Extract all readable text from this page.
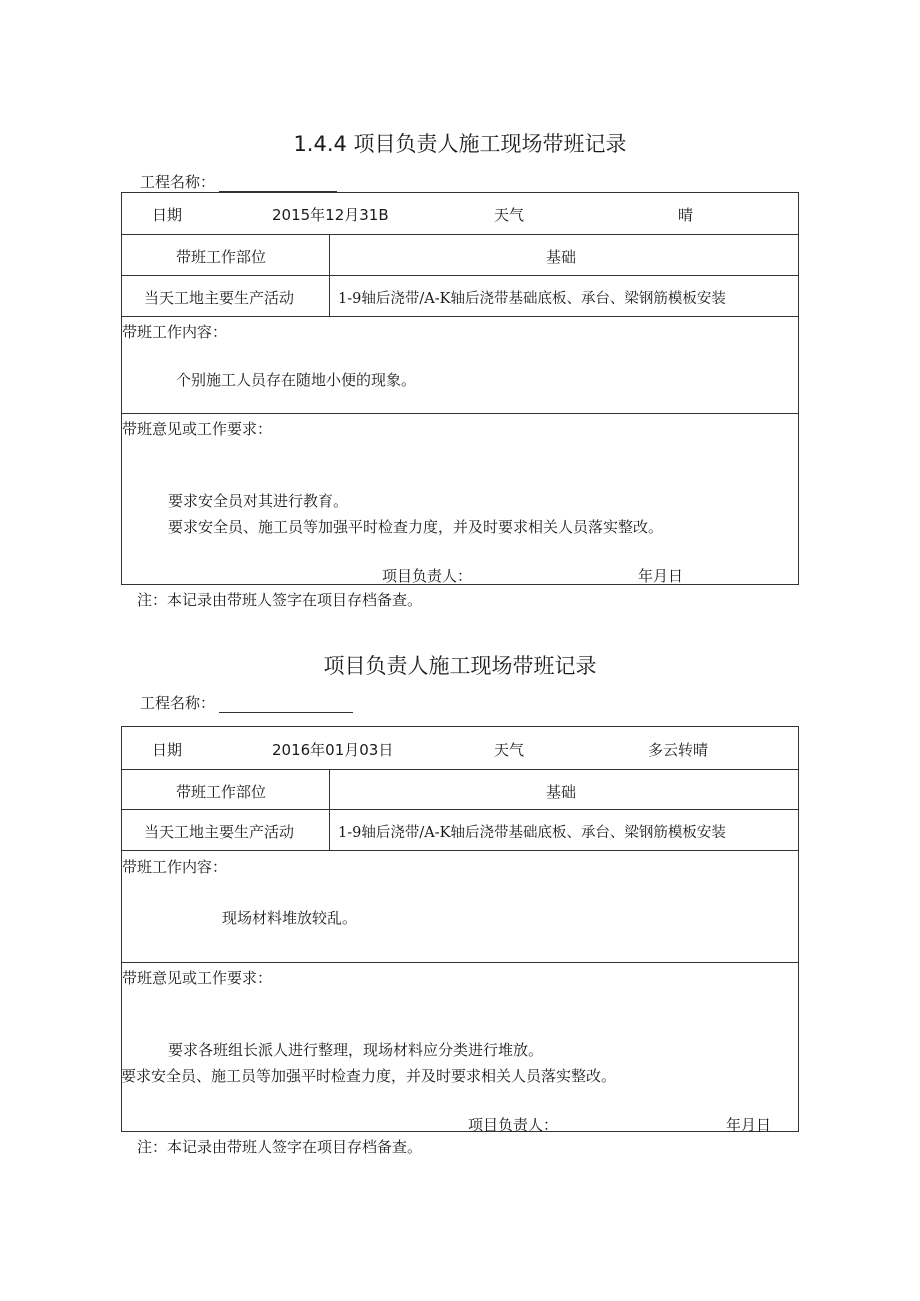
1.4.4 项目负责人施工现场带班记录
工程名称：
日期	2015年12月31B	天气	晴
带班工作部位	基础
当天工地主要生产活动	1-9轴后浇带/A-K轴后浇带基础底板、承台、梁钢筋模板安装
带班工作内容：
个别施工人员存在随地小便的现象。
带班意见或工作要求：
要求安全员对其进行教育。
要求安全员、施工员等加强平时检查力度，并及时要求相关人员落实整改。
项目负责人：	年月日
注：本记录由带班人签字在项目存档备查。
项目负责人施工现场带班记录
工程名称：
日期	2016年01月03日	天气	多云转晴
带班工作部位	基础
当天工地主要生产活动	1-9轴后浇带/A-K轴后浇带基础底板、承台、梁钢筋模板安装
带班工作内容：
现场材料堆放较乱。
带班意见或工作要求：
要求各班组长派人进行整理，现场材料应分类进行堆放。
要求安全员、施工员等加强平时检查力度，并及时要求相关人员落实整改。
项目负责人：	年月日
注：本记录由带班人签字在项目存档备查。
